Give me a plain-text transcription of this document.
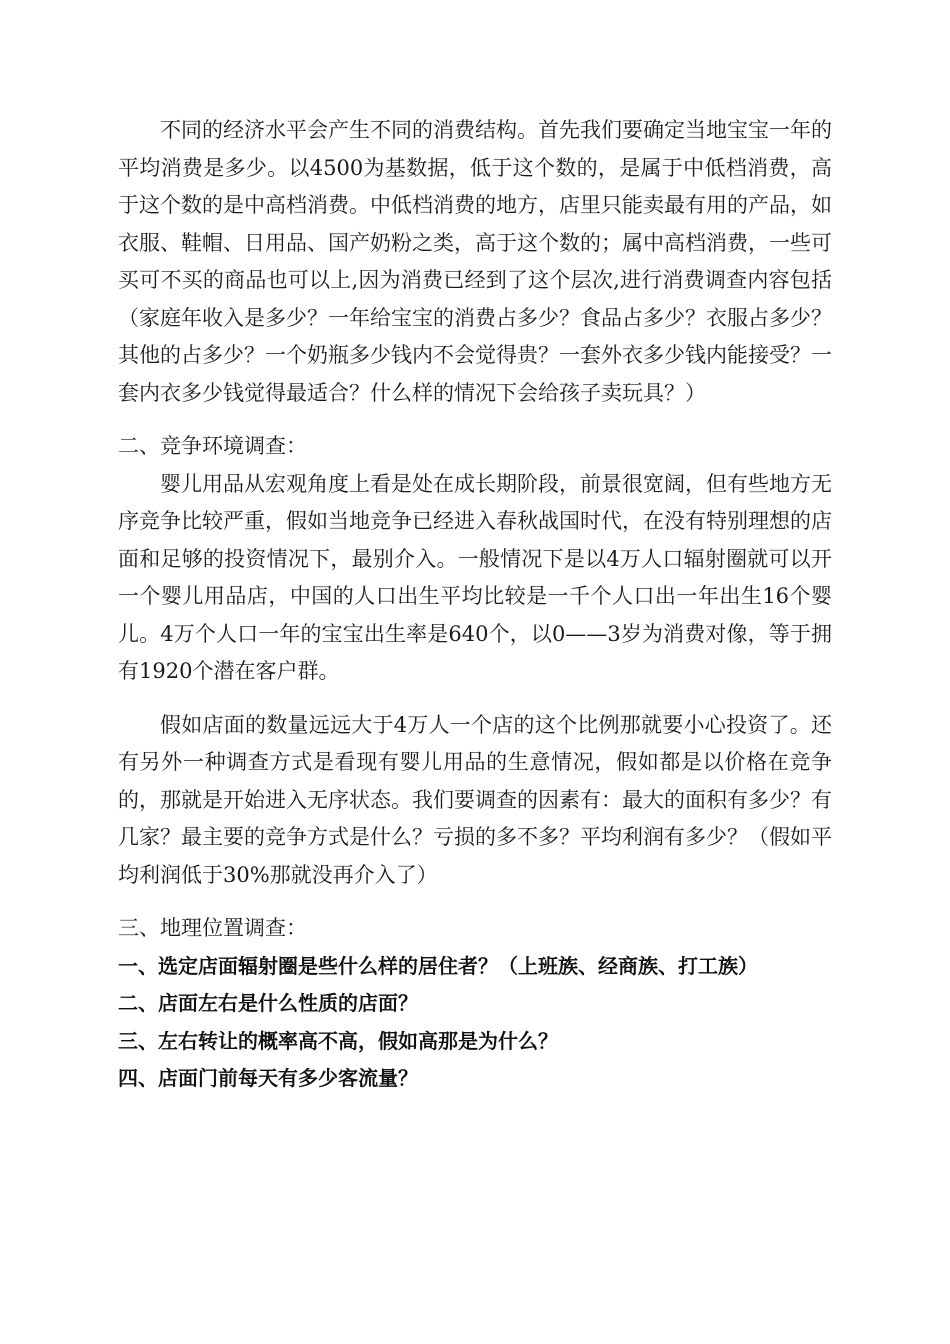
不同的经济水平会产生不同的消费结构。首先我们要确定当地宝宝一年的平均消费是多少。以4500为基数据，低于这个数的，是属于中低档消费，高于这个数的是中高档消费。中低档消费的地方，店里只能卖最有用的产品，如衣服、鞋帽、日用品、国产奶粉之类，高于这个数的；属中高档消费，一些可买可不买的商品也可以上,因为消费已经到了这个层次,进行消费调查内容包括（家庭年收入是多少？一年给宝宝的消费占多少？食品占多少？衣服占多少？其他的占多少？一个奶瓶多少钱内不会觉得贵？一套外衣多少钱内能接受？一套内衣多少钱觉得最适合？什么样的情况下会给孩子卖玩具？）

二、竞争环境调查：

婴儿用品从宏观角度上看是处在成长期阶段，前景很宽阔，但有些地方无序竞争比较严重，假如当地竞争已经进入春秋战国时代，在没有特别理想的店面和足够的投资情况下，最别介入。一般情况下是以4万人口辐射圈就可以开一个婴儿用品店，中国的人口出生平均比较是一千个人口出一年出生16个婴儿。4万个人口一年的宝宝出生率是640个，以0——3岁为消费对像，等于拥有1920个潜在客户群。

假如店面的数量远远大于4万人一个店的这个比例那就要小心投资了。还有另外一种调查方式是看现有婴儿用品的生意情况，假如都是以价格在竞争的，那就是开始进入无序状态。我们要调查的因素有：最大的面积有多少？有几家？最主要的竞争方式是什么？亏损的多不多？平均利润有多少？（假如平均利润低于30%那就没再介入了）

三、地理位置调查：

一、选定店面辐射圈是些什么样的居住者？（上班族、经商族、打工族）

二、店面左右是什么性质的店面？

三、左右转让的概率高不高，假如高那是为什么？

四、店面门前每天有多少客流量？
